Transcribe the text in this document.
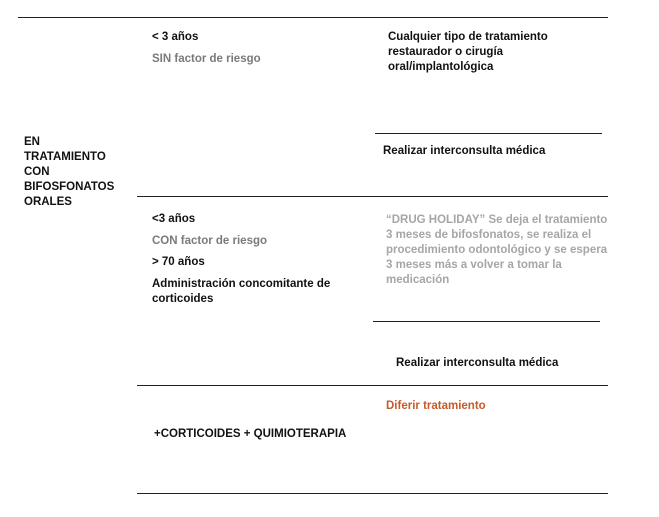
EN TRATAMIENTO CON BIFOSFONATOS ORALES

< 3 años

SIN factor de riesgo

Cualquier tipo de tratamiento restaurador o cirugía oral/implantológica

Realizar interconsulta médica

<3 años

CON factor de riesgo

> 70 años

Administración concomitante de corticoides

“DRUG HOLIDAY” Se deja el tratamiento 3 meses de bifosfonatos, se realiza el procedimiento odontológico y se espera 3 meses más a volver a tomar la medicación

Realizar interconsulta médica

+CORTICOIDES + QUIMIOTERAPIA

Diferir tratamiento
